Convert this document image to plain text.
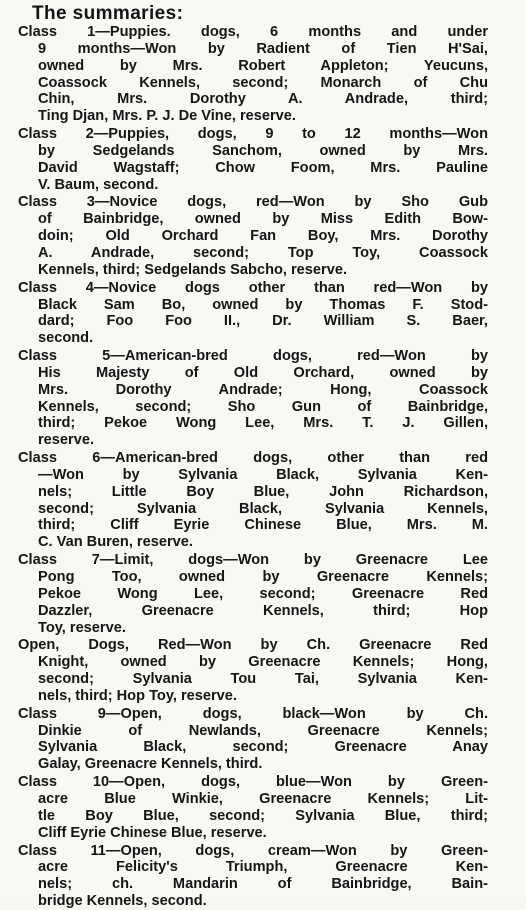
The summaries:

Class 1—Puppies. dogs, 6 months and under
9 months—Won by Radient of Tien H'Sai,
owned by Mrs. Robert Appleton; Yeucuns,
Coassock Kennels, second; Monarch of Chu
Chin, Mrs. Dorothy A. Andrade, third;
Ting Djan, Mrs. P. J. De Vine, reserve.

Class 2—Puppies, dogs, 9 to 12 months—Won
by Sedgelands Sanchom, owned by Mrs.
David Wagstaff; Chow Foom, Mrs. Pauline
V. Baum, second.

Class 3—Novice dogs, red—Won by Sho Gub
of Bainbridge, owned by Miss Edith Bow-
doin; Old Orchard Fan Boy, Mrs. Dorothy
A. Andrade, second; Top Toy, Coassock
Kennels, third; Sedgelands Sabcho, reserve.

Class 4—Novice dogs other than red—Won by
Black Sam Bo, owned by Thomas F. Stod-
dard; Foo Foo II., Dr. William S. Baer,
second.

Class 5—American-bred dogs, red—Won by
His Majesty of Old Orchard, owned by
Mrs. Dorothy Andrade; Hong, Coassock
Kennels, second; Sho Gun of Bainbridge,
third; Pekoe Wong Lee, Mrs. T. J. Gillen,
reserve.

Class 6—American-bred dogs, other than red
—Won by Sylvania Black, Sylvania Ken-
nels; Little Boy Blue, John Richardson,
second; Sylvania Black, Sylvania Kennels,
third; Cliff Eyrie Chinese Blue, Mrs. M.
C. Van Buren, reserve.

Class 7—Limit, dogs—Won by Greenacre Lee
Pong Too, owned by Greenacre Kennels;
Pekoe Wong Lee, second; Greenacre Red
Dazzler, Greenacre Kennels, third; Hop
Toy, reserve.

Open, Dogs, Red—Won by Ch. Greenacre Red
Knight, owned by Greenacre Kennels; Hong,
second; Sylvania Tou Tai, Sylvania Ken-
nels, third; Hop Toy, reserve.

Class 9—Open, dogs, black—Won by Ch.
Dinkie of Newlands, Greenacre Kennels;
Sylvania Black, second; Greenacre Anay
Galay, Greenacre Kennels, third.

Class 10—Open, dogs, blue—Won by Green-
acre Blue Winkie, Greenacre Kennels; Lit-
tle Boy Blue, second; Sylvania Blue, third;
Cliff Eyrie Chinese Blue, reserve.

Class 11—Open, dogs, cream—Won by Green-
acre Felicity's Triumph, Greenacre Ken-
nels; ch. Mandarin of Bainbridge, Bain-
bridge Kennels, second.
